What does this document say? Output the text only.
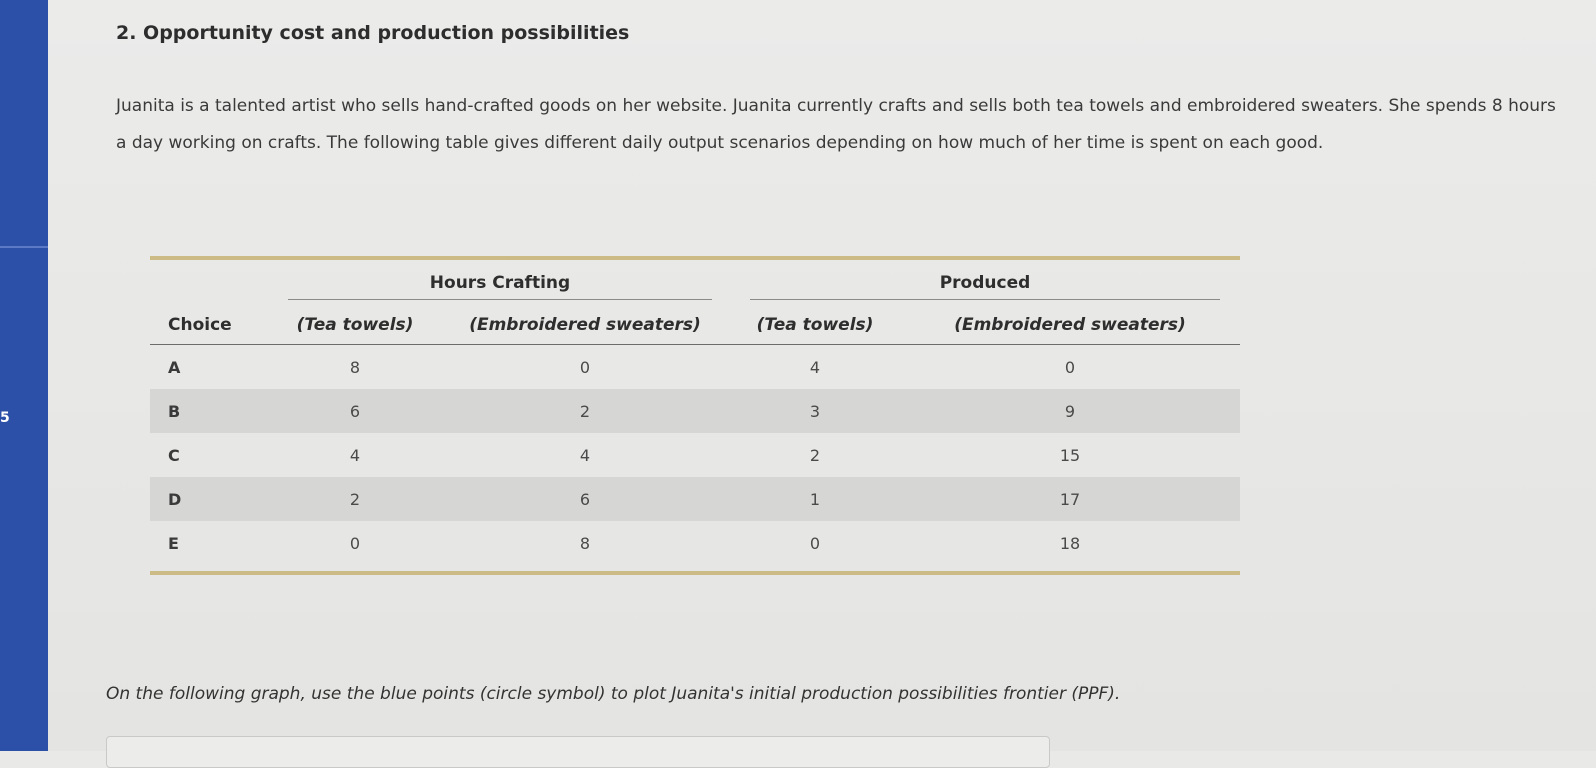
5
2. Opportunity cost and production possibilities
Juanita is a talented artist who sells hand-crafted goods on her website. Juanita currently crafts and sells both tea towels and embroidered sweaters. She spends 8 hours a day working on crafts. The following table gives different daily output scenarios depending on how much of her time is spent on each good.
	Hours Crafting		Produced	
Choice	(Tea towels)	(Embroidered sweaters)	(Tea towels)	(Embroidered sweaters)
A	8	0	4	0
B	6	2	3	9
C	4	4	2	15
D	2	6	1	17
E	0	8	0	18
On the following graph, use the blue points (circle symbol) to plot Juanita's initial production possibilities frontier (PPF).
